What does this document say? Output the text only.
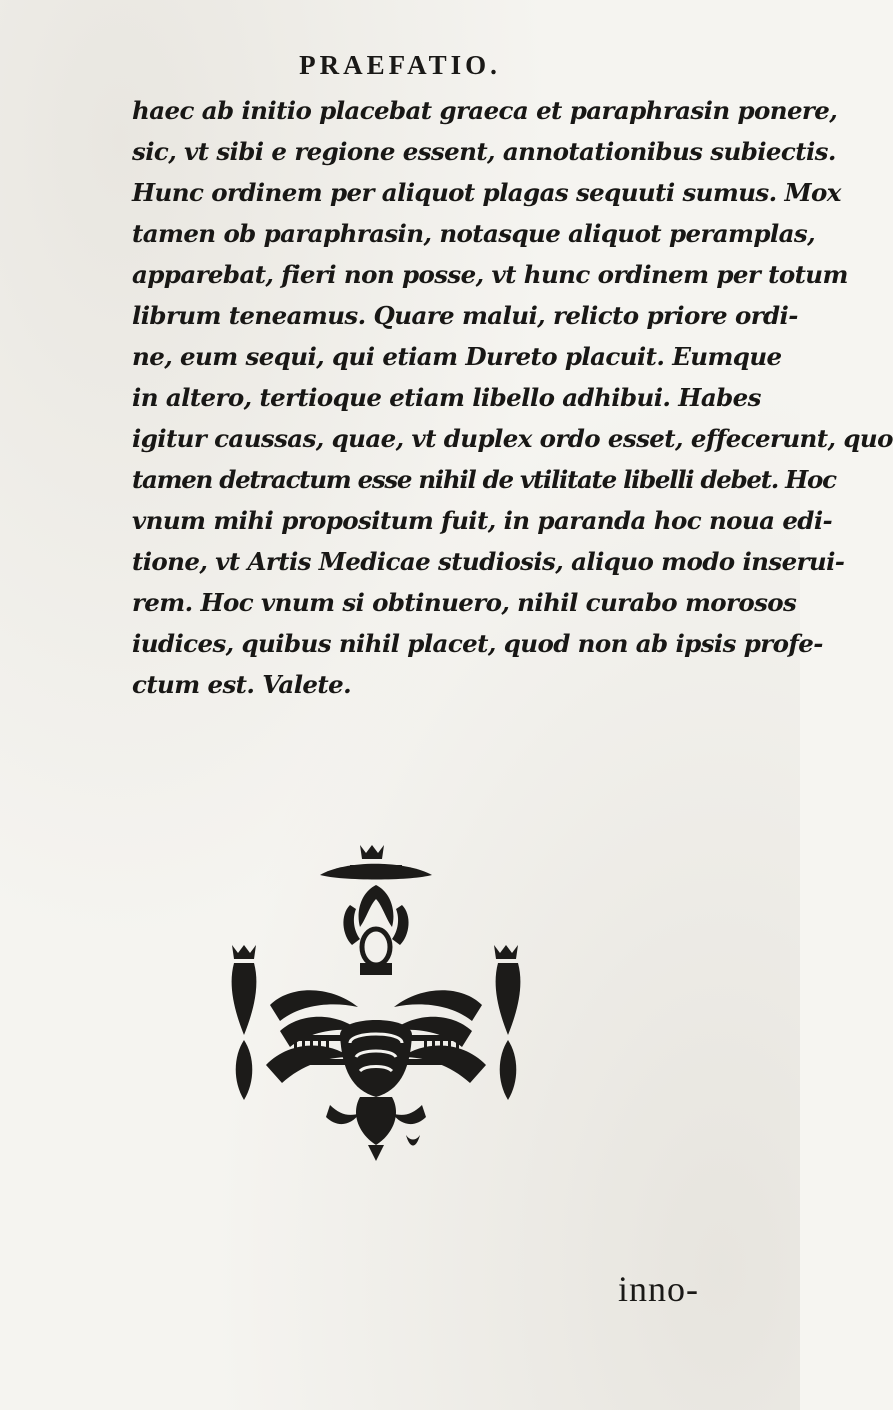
PRAEFATIO.
haec ab initio placebat graeca et paraphrasin ponere,
sic, vt sibi e regione essent, annotationibus subiectis.
Hunc ordinem per aliquot plagas sequuti sumus. Mox
tamen ob paraphrasin, notasque aliquot peramplas,
apparebat, fieri non posse, vt hunc ordinem per totum
librum teneamus. Quare malui, relicto priore ordi-
ne, eum sequi, qui etiam Dureto placuit. Eumque
in altero, tertioque etiam libello adhibui. Habes
igitur caussas, quae, vt duplex ordo esset, effecerunt, quo
tamen detractum esse nihil de vtilitate libelli debet. Hoc
vnum mihi propositum fuit, in paranda hoc noua edi-
tione, vt Artis Medicae studiosis, aliquo modo inserui-
rem. Hoc vnum si obtinuero, nihil curabo morosos
iudices, quibus nihil placet, quod non ab ipsis profe-
ctum est. Valete.
inno-
